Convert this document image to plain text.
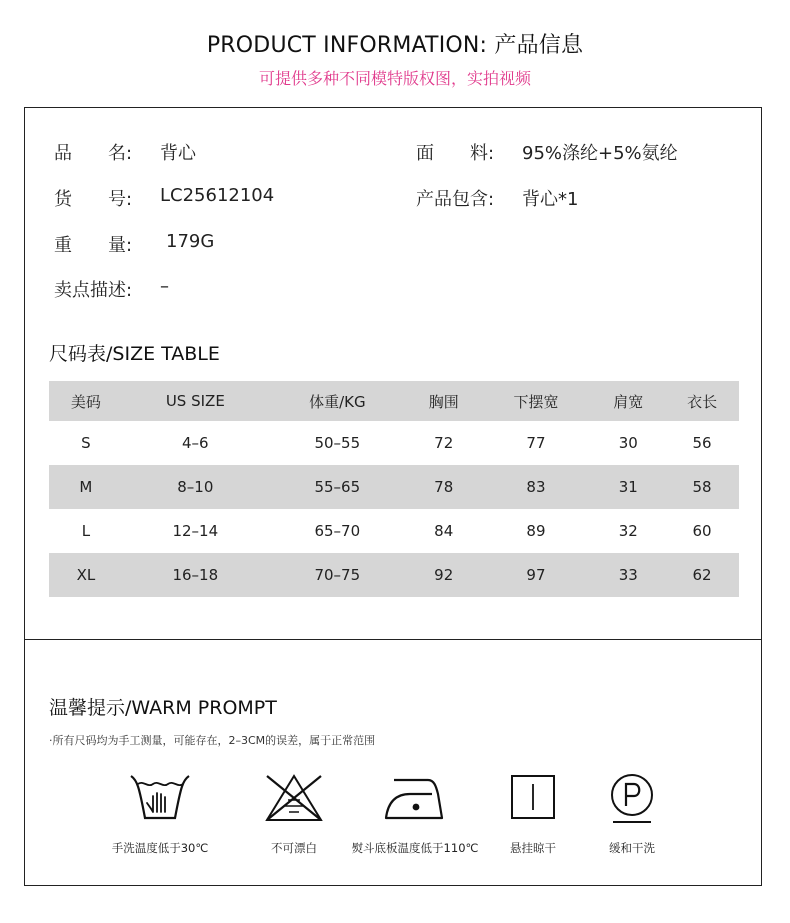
PRODUCT INFORMATION: 产品信息
可提供多种不同模特版权图，实拍视频
品　　名: 背心	面　　料: 95%涤纶+5%氨纶
货　　号: LC25612104	产品包含: 背心*1
重　　量: 179G
卖点描述: –
尺码表/SIZE TABLE
美码	US SIZE	体重/KG	胸围	下摆宽	肩宽	衣长
S	4–6	50–55	72	77	30	56
M	8–10	55–65	78	83	31	58
L	12–14	65–70	84	89	32	60
XL	16–18	70–75	92	97	33	62
温馨提示/WARM PROMPT
·所有尺码均为手工测量，可能存在，2–3CM的误差，属于正常范围
手洗温度低于30℃	不可漂白	熨斗底板温度低于110℃	悬挂晾干	缓和干洗
